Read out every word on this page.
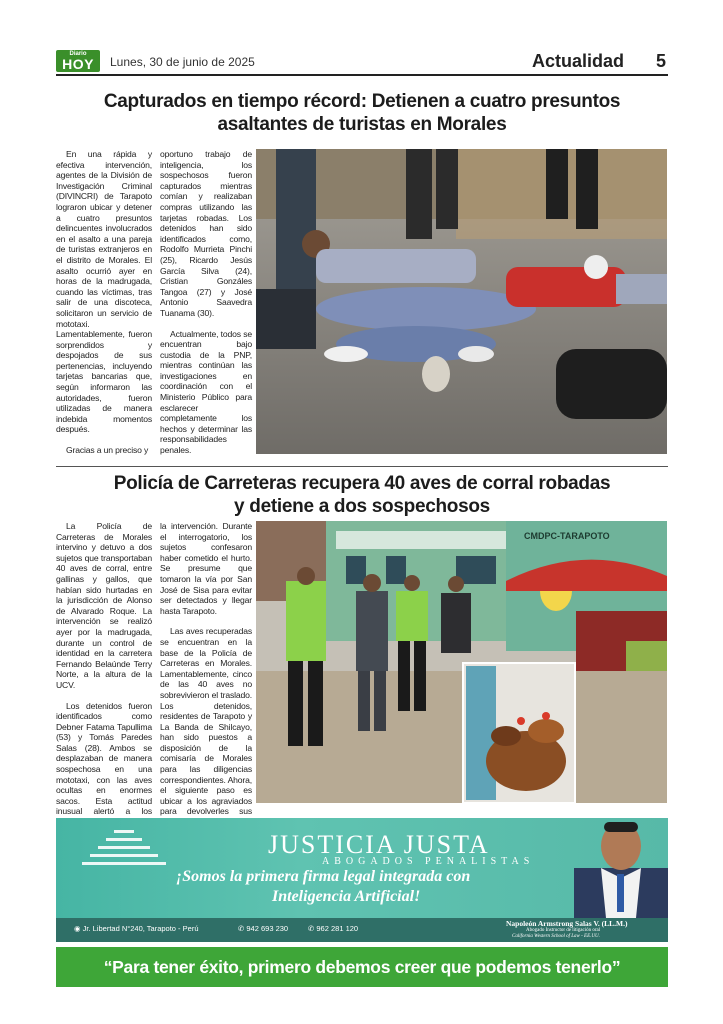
Diario
HOY	Lunes, 30 de junio de 2025	Actualidad 5
Capturados en tiempo récord: Detienen a cuatro presuntos
asaltantes de turistas en Morales

En una rápida y efectiva intervención, agentes de la División de Investigación Criminal (DIVINCRI) de Tarapoto lograron ubicar y detener a cuatro presuntos delincuentes involucrados en el asalto a una pareja de turistas extranjeros en el distrito de Morales. El asalto ocurrió ayer en horas de la madrugada, cuando las víctimas, tras salir de una discoteca, solicitaron un servicio de mototaxi. Lamentablemente, fueron sorprendidos y despojados de sus pertenencias, incluyendo tarjetas bancarias que, según informaron las autoridades, fueron utilizadas de manera indebida momentos después.

Gracias a un preciso y

oportuno trabajo de inteligencia, los sospechosos fueron capturados mientras comían y realizaban compras utilizando las tarjetas robadas. Los detenidos han sido identificados como, Rodolfo Murrieta Pinchi (25), Ricardo Jesús García Silva (24), Cristian Gonzáles Tangoa (27) y José Antonio Saavedra Tuanama (30).

Actualmente, todos se encuentran bajo custodia de la PNP, mientras continúan las investigaciones en coordinación con el Ministerio Público para esclarecer completamente los hechos y determinar las responsabilidades penales.

Policía de Carreteras recupera 40 aves de corral robadas
y detiene a dos sospechosos

La Policía de Carreteras de Morales intervino y detuvo a dos sujetos que transportaban 40 aves de corral, entre gallinas y gallos, que habían sido hurtadas en la jurisdicción de Alonso de Alvarado Roque. La intervención se realizó ayer por la madrugada, durante un control de identidad en la carretera Fernando Belaúnde Terry Norte, a la altura de la UCV.

Los detenidos fueron identificados como Debner Fatama Tapullima (53) y Tomás Paredes Salas (28). Ambos se desplazaban de manera sospechosa en una mototaxi, con las aves ocultas en enormes sacos. Esta actitud inusual alertó a los

la intervención. Durante el interrogatorio, los sujetos confesaron haber cometido el hurto. Se presume que tomaron la vía por San José de Sisa para evitar ser detectados y llegar hasta Tarapoto.

Las aves recuperadas se encuentran en la base de la Policía de Carreteras en Morales. Lamentablemente, cinco de las 40 aves no sobrevivieron el traslado. Los detenidos, residentes de Tarapoto y La Banda de Shilcayo, han sido puestos a disposición de la comisaría de Morales para las diligencias correspondientes. Ahora, el siguiente paso es ubicar a los agraviados para devolverles sus

CMDPC-TARAPOTO
JUSTICIA JUSTA
ABOGADOS PENALISTAS
¡Somos la primera firma legal integrada con
Inteligencia Artificial!
◉ Jr. Libertad N°240, Tarapoto - Perú	✆ 942 693 230	✆ 962 281 120
Napoleón Armstrong Salas V. (LL.M.)
Abogado Instructor de litigación oral
California Western School of Law - EE.UU.
“Para tener éxito, primero debemos creer que podemos tenerlo”
